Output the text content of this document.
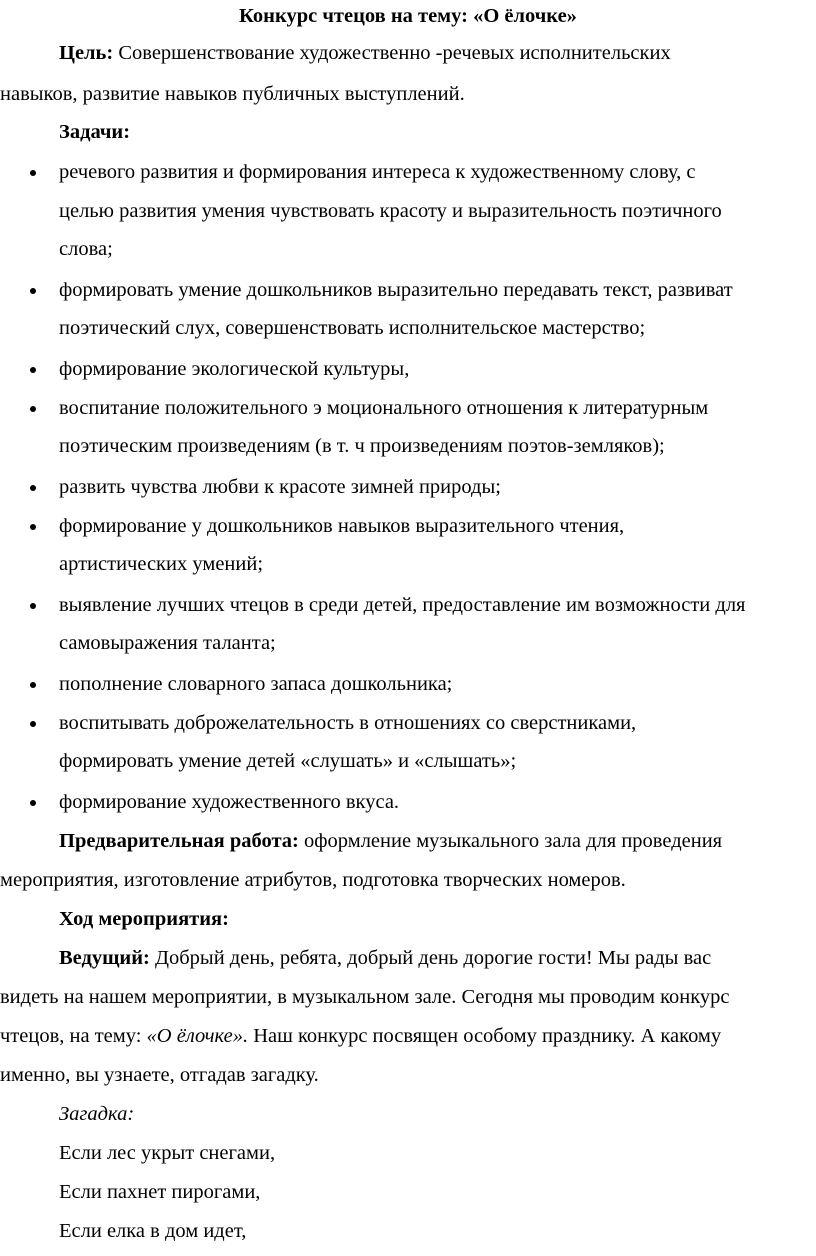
Конкурс чтецов на тему: «О ёлочке»
Цель: Совершенствование художественно -речевых исполнительских
навыков, развитие навыков публичных выступлений.
Задачи:
речевого развития и формирования интереса к художественному слову, с
целью развития умения чувствовать красоту и выразительность поэтичного
слова;
формировать умение дошкольников выразительно передавать текст, развиват
поэтический слух, совершенствовать исполнительское мастерство;
формирование экологической культуры,
воспитание положительного э моционального отношения к литературным
поэтическим произведениям (в т. ч произведениям поэтов-земляков);
развить чувства любви к красоте зимней природы;
формирование у дошкольников навыков выразительного чтения,
артистических умений;
выявление лучших чтецов в среди детей, предоставление им возможности для
самовыражения таланта;
пополнение словарного запаса дошкольника;
воспитывать доброжелательность в отношениях со сверстниками,
формировать умение детей «слушать» и «слышать»;
формирование художественного вкуса.
Предварительная работа: оформление музыкального зала для проведения
мероприятия, изготовление атрибутов, подготовка творческих номеров.
Ход мероприятия:
Ведущий: Добрый день, ребята, добрый день дорогие гости! Мы рады вас
видеть на нашем мероприятии, в музыкальном зале. Сегодня мы проводим конкурс
чтецов, на тему: «О ёлочке». Наш конкурс посвящен особому празднику. А какому
именно, вы узнаете, отгадав загадку.
Загадка:
Если лес укрыт снегами,
Если пахнет пирогами,
Если елка в дом идет,
